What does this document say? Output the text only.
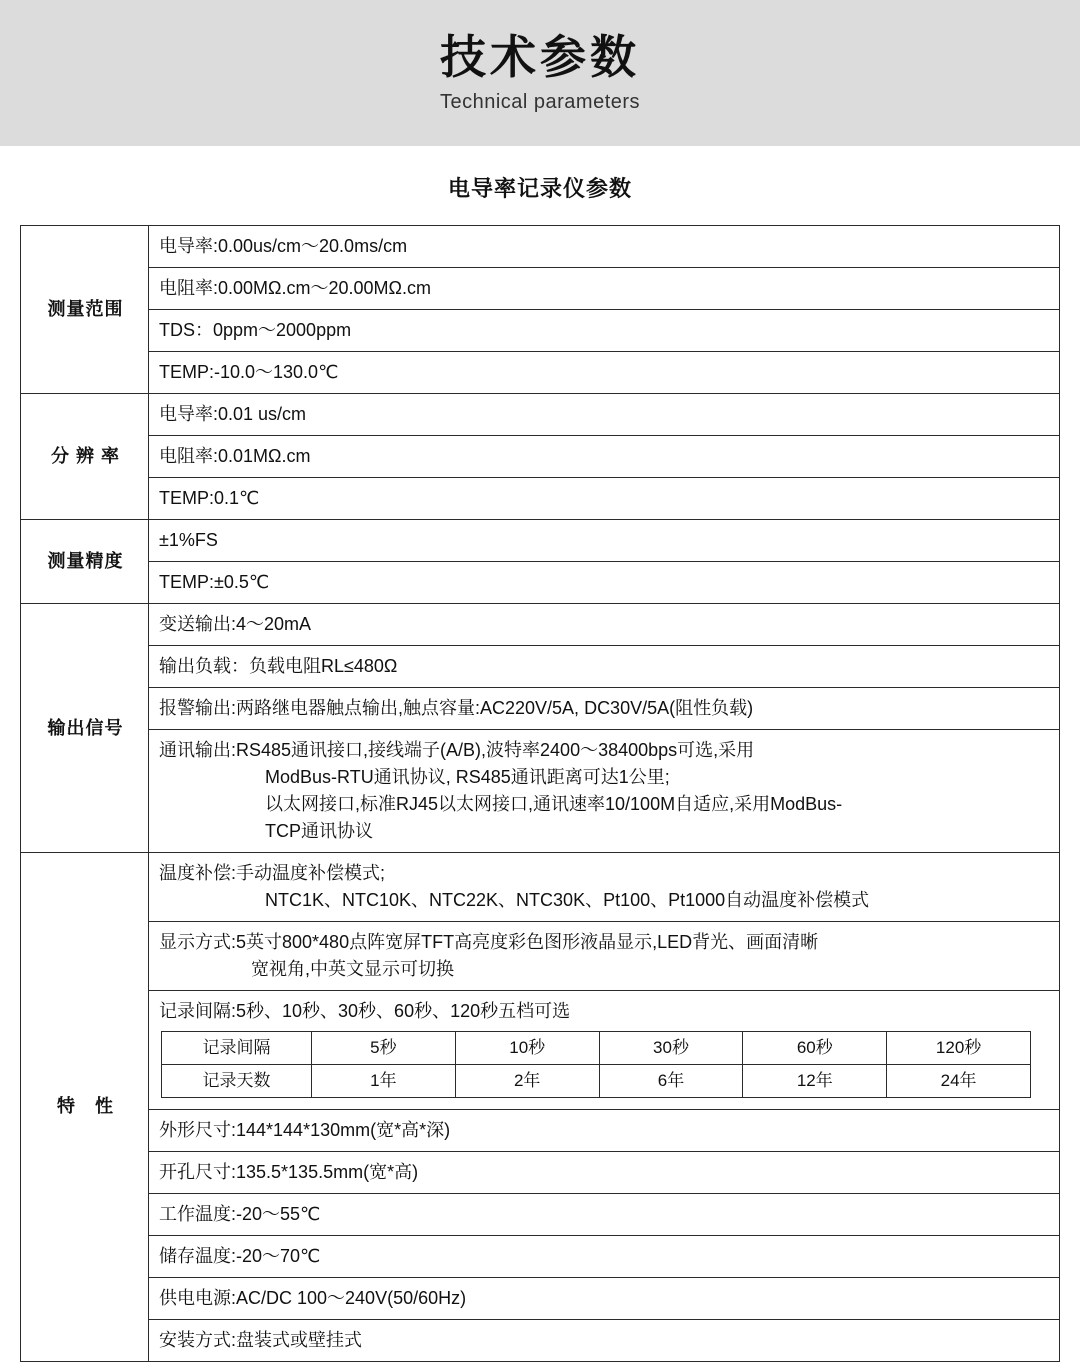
技术参数
Technical parameters
电导率记录仪参数
测量范围	电导率:0.00us/cm～20.0ms/cm
电阻率:0.00MΩ.cm～20.00MΩ.cm
TDS：0ppm～2000ppm
TEMP:-10.0～130.0℃
分 辨 率	电导率:0.01 us/cm
电阻率:0.01MΩ.cm
TEMP:0.1℃
测量精度	±1%FS
TEMP:±0.5℃
输出信号	变送输出:4～20mA
输出负载：负载电阻RL≤480Ω
报警输出:两路继电器触点输出,触点容量:AC220V/5A, DC30V/5A(阻性负载)

通讯输出:RS485通讯接口,接线端子(A/B),波特率2400～38400bps可选,采用
ModBus-RTU通讯协议, RS485通讯距离可达1公里;
以太网接口,标准RJ45以太网接口,通讯速率10/100M自适应,采用ModBus-
TCP通讯协议

特　性	
温度补偿:手动温度补偿模式;
NTC1K、NTC10K、NTC22K、NTC30K、Pt100、Pt1000自动温度补偿模式

显示方式:5英寸800*480点阵宽屏TFT高亮度彩色图形液晶显示,LED背光、画面清晰
宽视角,中英文显示可切换

记录间隔:5秒、10秒、30秒、60秒、120秒五档可选
记录间隔	5秒	10秒	30秒	60秒	120秒
记录天数	1年	2年	6年	12年	24年

外形尺寸:144*144*130mm(宽*高*深)
开孔尺寸:135.5*135.5mm(宽*高)
工作温度:-20～55℃
储存温度:-20～70℃
供电电源:AC/DC 100～240V(50/60Hz)
安装方式:盘装式或壁挂式
